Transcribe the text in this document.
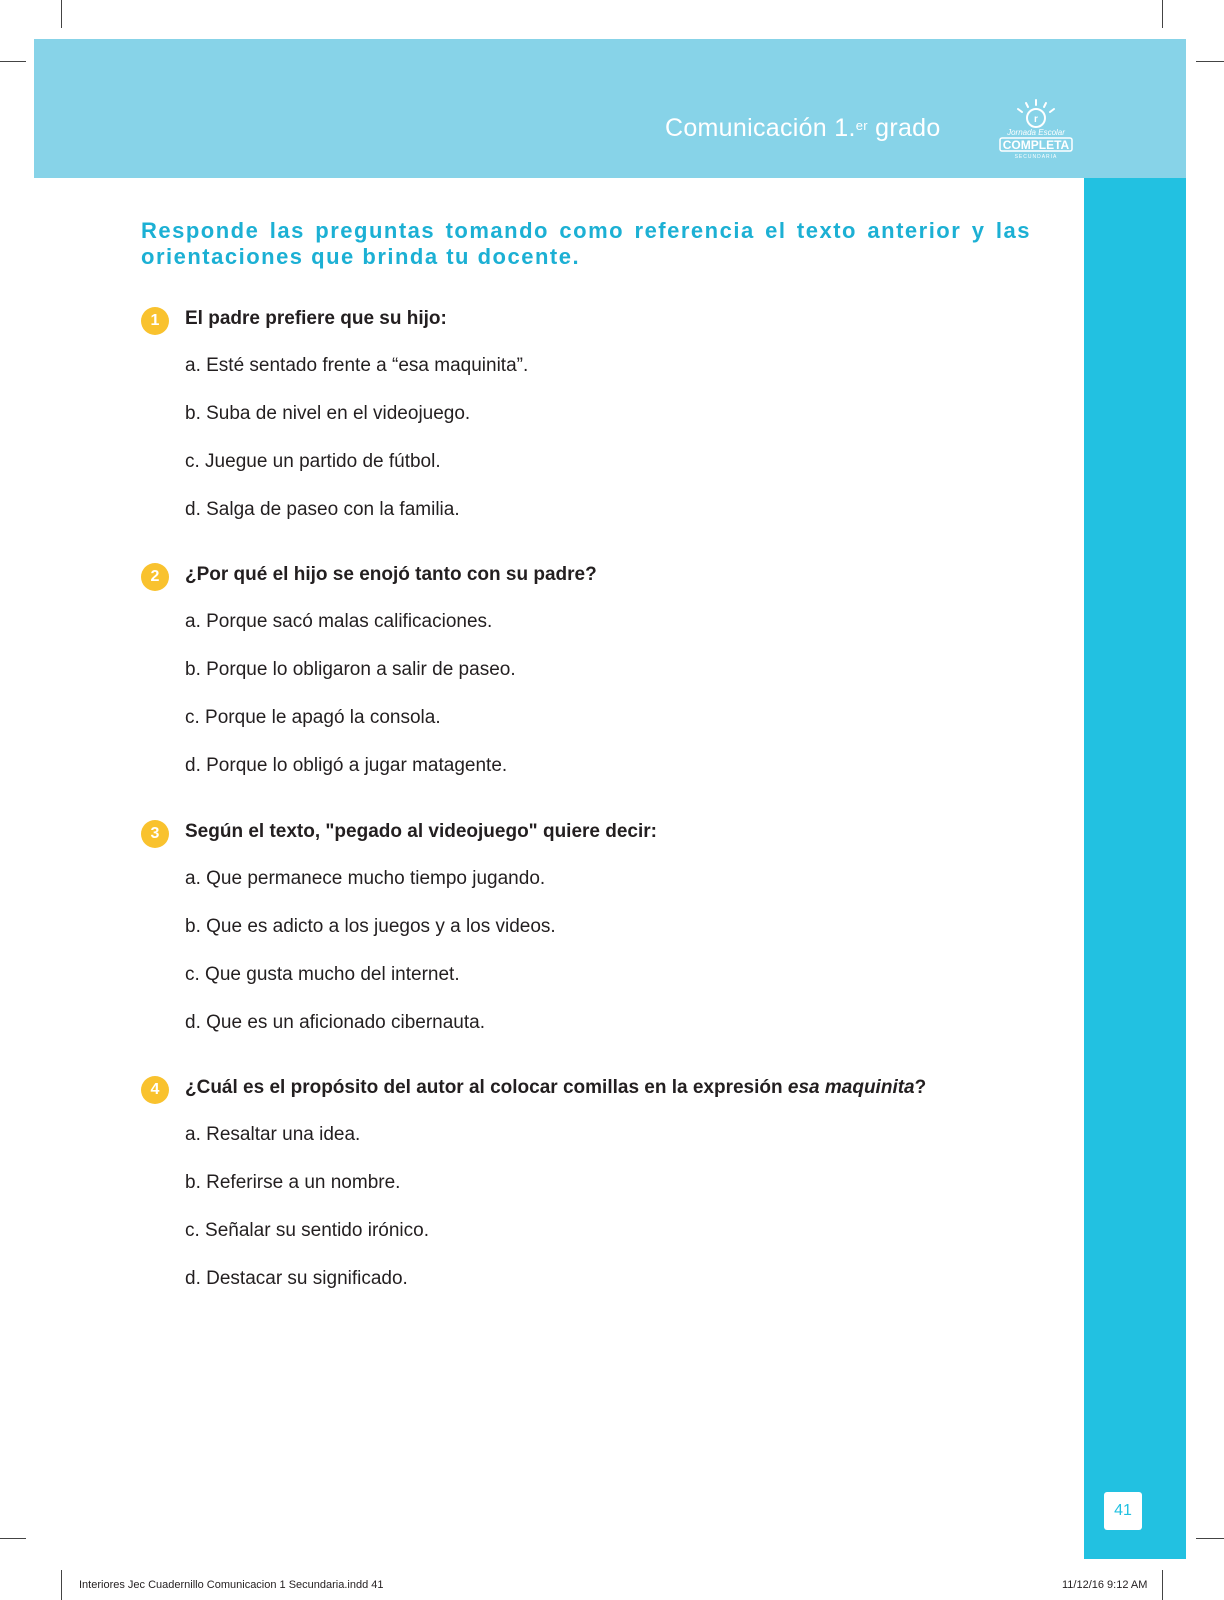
Comunicación 1.$^{er}$ grado	r
Jornada Escolar
COMPLETA
SECUNDARIA
41
Responde las preguntas tomando como referencia el texto anterior y las orientaciones que brinda tu docente.
1	El padre prefiere que su hijo:
a. Esté sentado frente a “esa maquinita”.
b. Suba de nivel en el videojuego.
c. Juegue un partido de fútbol.
d. Salga de paseo con la familia.
2	¿Por qué el hijo se enojó tanto con su padre?
a. Porque sacó malas calificaciones.
b. Porque lo obligaron a salir de paseo.
c. Porque le apagó la consola.
d. Porque lo obligó a jugar matagente.
3	Según el texto, "pegado al videojuego" quiere decir:
a. Que permanece mucho tiempo jugando.
b. Que es adicto a los juegos y a los videos.
c. Que gusta mucho del internet.
d. Que es un aficionado cibernauta.
4	¿Cuál es el propósito del autor al colocar comillas en la expresión esa maquinita?
a. Resaltar una idea.
b. Referirse a un nombre.
c. Señalar su sentido irónico.
d. Destacar su significado.
Interiores Jec Cuadernillo Comunicacion 1 Secundaria.indd 41	11/12/16 9:12 AM
